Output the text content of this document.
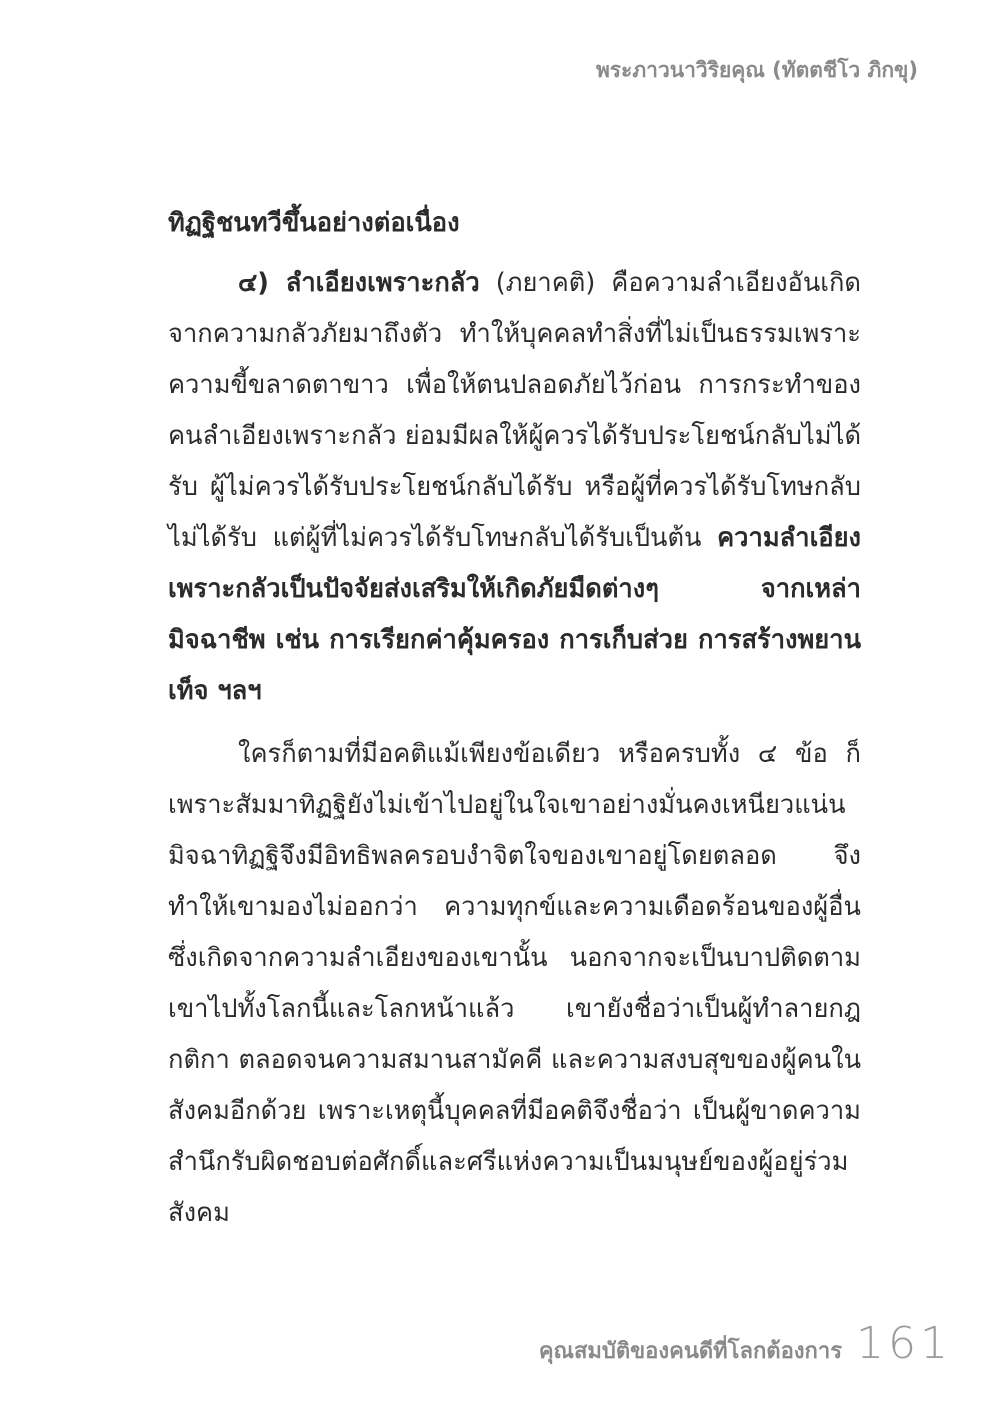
พระภาวนาวิริยคุณ (ทัตตชีโว ภิกขุ)

ทิฏฐิชนทวีขึ้นอย่างต่อเนื่อง

๔) ลำเอียงเพราะกลัว (ภยาคติ) คือความลำเอียงอันเกิดจากความกลัวภัยมาถึงตัว ทำให้บุคคลทำสิ่งที่ไม่เป็นธรรมเพราะความขี้ขลาดตาขาว เพื่อให้ตนปลอดภัยไว้ก่อน การกระทำของคนลำเอียงเพราะกลัว ย่อมมีผลให้ผู้ควรได้รับประโยชน์กลับไม่ได้รับ ผู้ไม่ควรได้รับประโยชน์กลับได้รับ หรือผู้ที่ควรได้รับโทษกลับไม่ได้รับ แต่ผู้ที่ไม่ควรได้รับโทษกลับได้รับเป็นต้น ความลำเอียงเพราะกลัวเป็นปัจจัยส่งเสริมให้เกิดภัยมืดต่างๆ จากเหล่ามิจฉาชีพ เช่น การเรียกค่าคุ้มครอง การเก็บส่วย การสร้างพยานเท็จ ฯลฯ

ใครก็ตามที่มีอคติแม้เพียงข้อเดียว หรือครบทั้ง ๔ ข้อ ก็เพราะสัมมาทิฏฐิยังไม่เข้าไปอยู่ในใจเขาอย่างมั่นคงเหนียวแน่น มิจฉาทิฏฐิจึงมีอิทธิพลครอบงำจิตใจของเขาอยู่โดยตลอด จึงทำให้เขามองไม่ออกว่า ความทุกข์และความเดือดร้อนของผู้อื่นซึ่งเกิดจากความลำเอียงของเขานั้น นอกจากจะเป็นบาปติดตามเขาไปทั้งโลกนี้และโลกหน้าแล้ว เขายังชื่อว่าเป็นผู้ทำลายกฎกติกา ตลอดจนความสมานสามัคคี และความสงบสุขของผู้คนในสังคมอีกด้วย เพราะเหตุนี้บุคคลที่มีอคติจึงชื่อว่า เป็นผู้ขาดความสำนึกรับผิดชอบต่อศักดิ์และศรีแห่งความเป็นมนุษย์ของผู้อยู่ร่วมสังคม

คุณสมบัติของคนดีที่โลกต้องการ 161
